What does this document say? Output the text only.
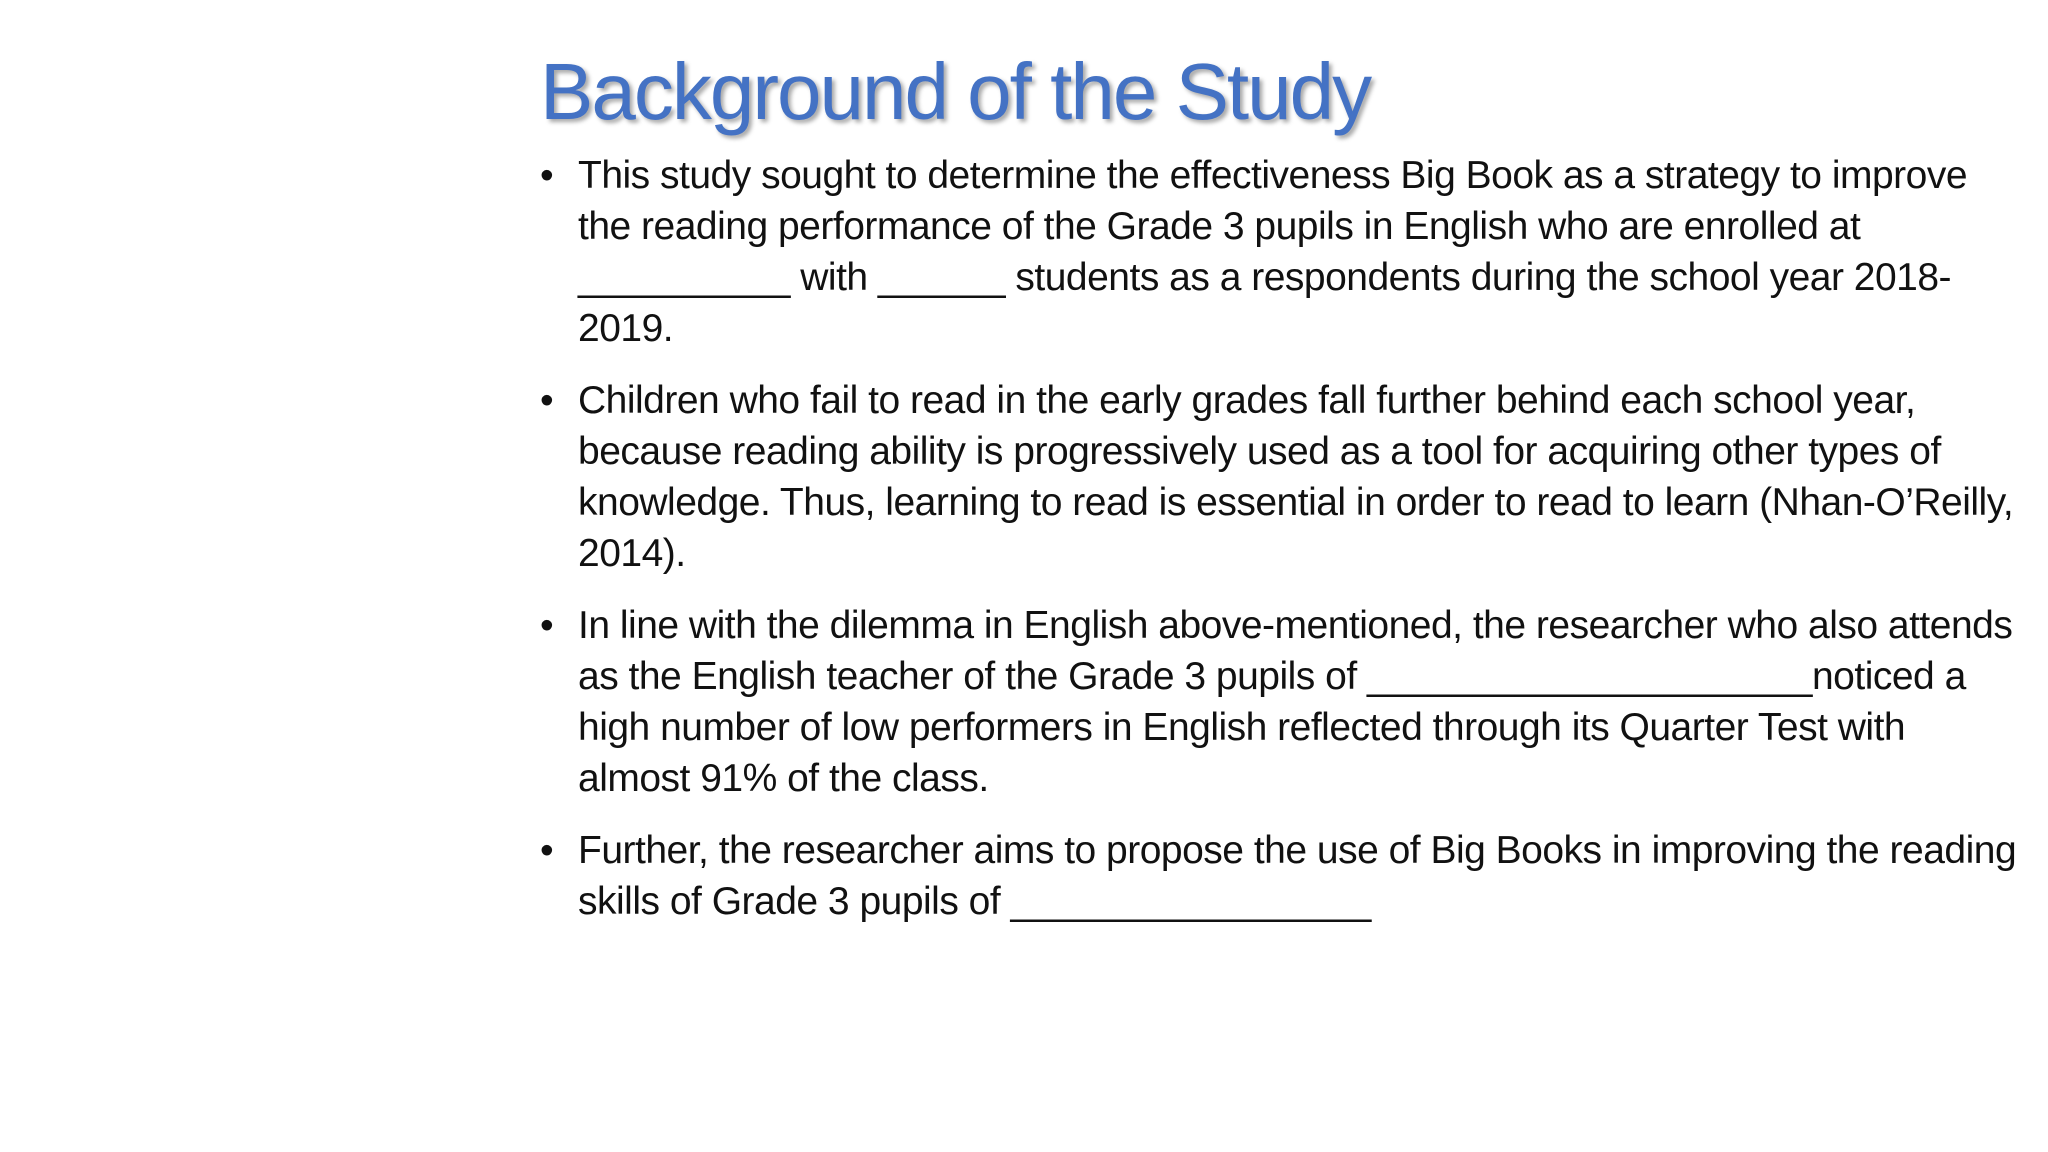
Background of the Study
• This study sought to determine the effectiveness Big Book as a strategy to improve the reading performance of the Grade 3 pupils in English who are enrolled at __________ with ______ students as a respondents during the school year 2018-2019.
• Children who fail to read in the early grades fall further behind each school year, because reading ability is progressively used as a tool for acquiring other types of knowledge. Thus, learning to read is essential in order to read to learn (Nhan-O’Reilly, 2014).
• In line with the dilemma in English above-mentioned, the researcher who also attends as the English teacher of the Grade 3 pupils of _____________________noticed a high number of low performers in English reflected through its Quarter Test with almost 91% of the class.
• Further, the researcher aims to propose the use of Big Books in improving the reading skills of Grade 3 pupils of _________________
